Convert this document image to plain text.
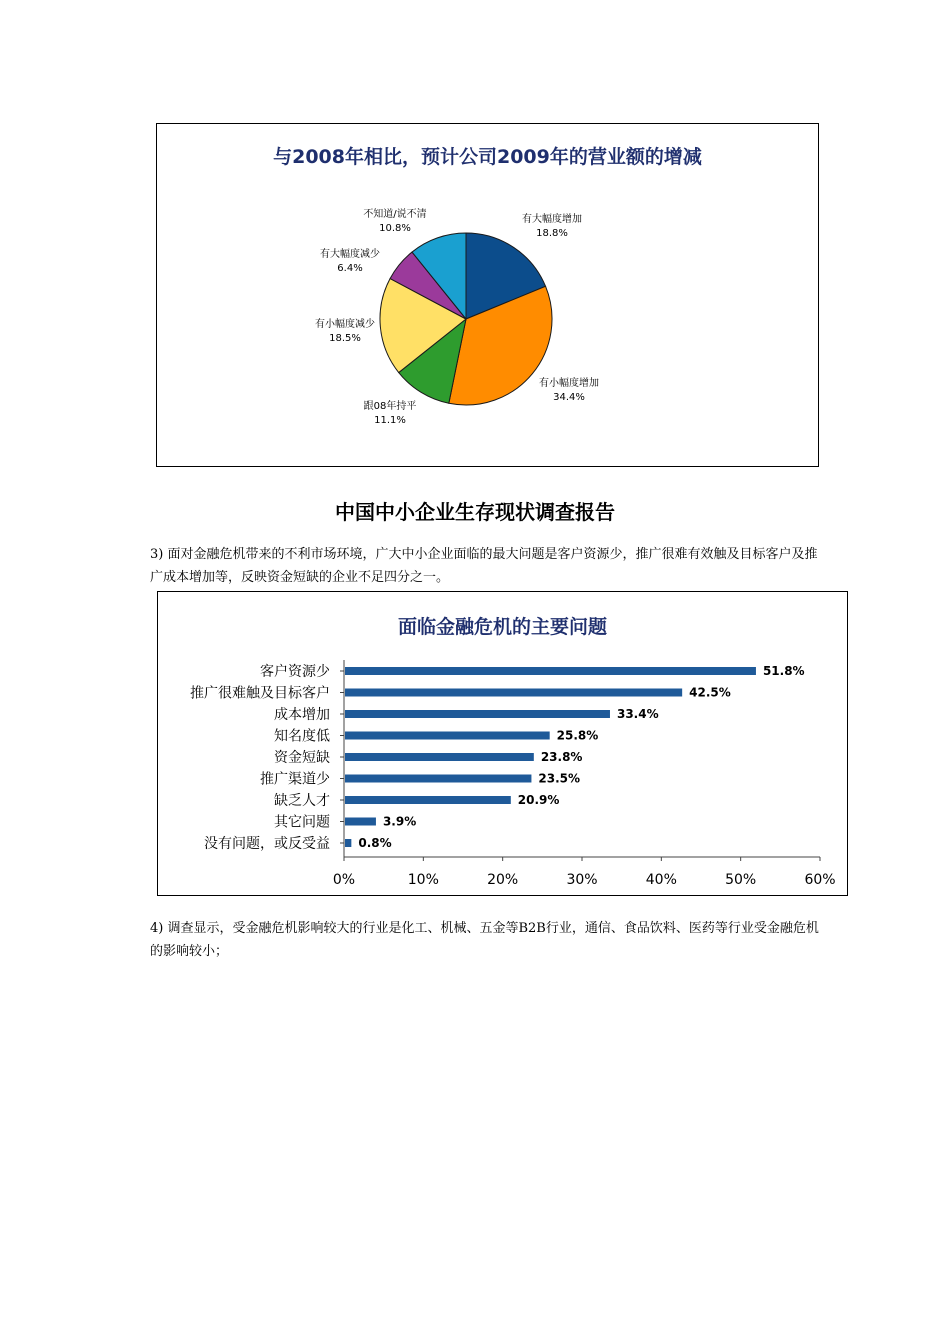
与2008年相比，预计公司2009年的营业额的增减
有大幅度增加
18.8%
有小幅度增加
34.4%
跟08年持平
11.1%
有小幅度减少
18.5%
有大幅度减少
6.4%
不知道/说不清
10.8%
中国中小企业生存现状调查报告
3) 面对金融危机带来的不利市场环境，广大中小企业面临的最大问题是客户资源少，推广很难有效触及目标客户及推广成本增加等，反映资金短缺的企业不足四分之一。
面临金融危机的主要问题
0%	10%	20%	30%	40%	50%	60%
客户资源少	51.8%
推广很难触及目标客户	42.5%
成本增加	33.4%
知名度低	25.8%
资金短缺	23.8%
推广渠道少	23.5%
缺乏人才	20.9%
其它问题	3.9%
没有问题，或反受益 0.8%
4) 调查显示，受金融危机影响较大的行业是化工、机械、五金等B2B行业，通信、食品饮料、医药等行业受金融危机的影响较小；
